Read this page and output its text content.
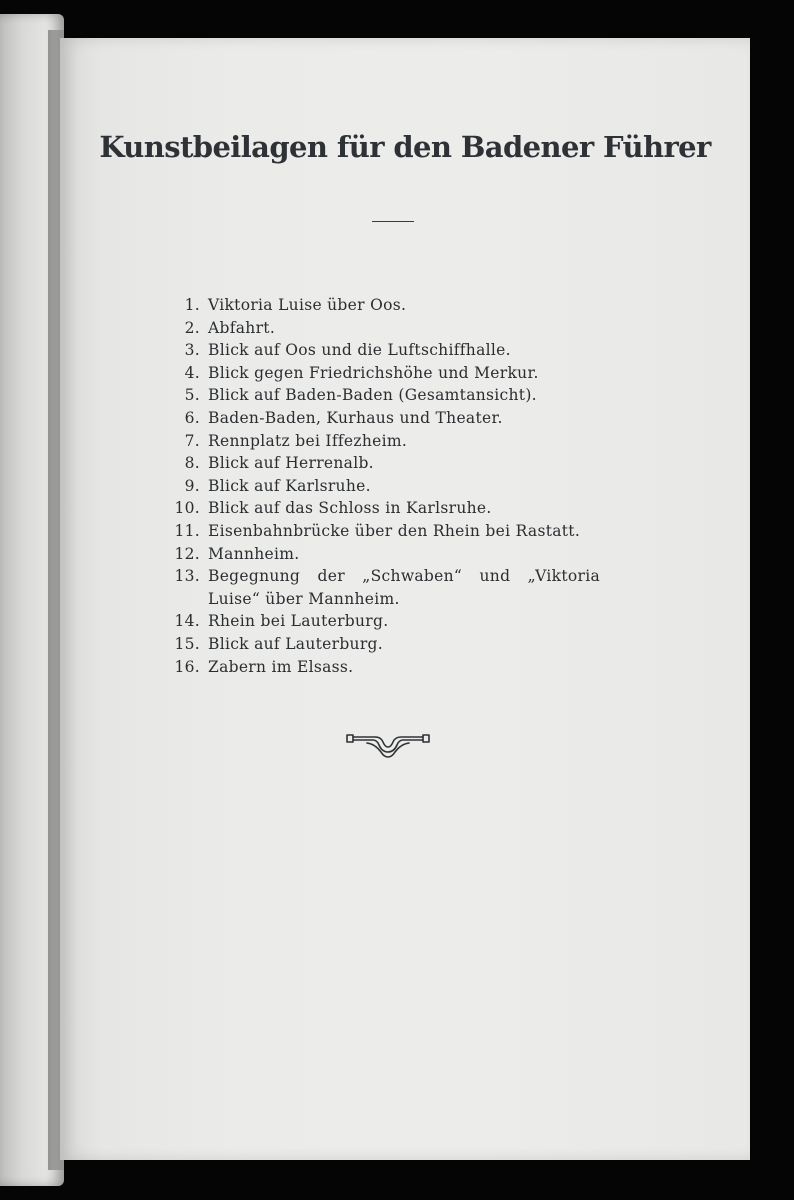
Kunstbeilagen für den Badener Führer
1. Viktoria Luise über Oos.
2. Abfahrt.
3. Blick auf Oos und die Luftschiffhalle.
4. Blick gegen Friedrichshöhe und Merkur.
5. Blick auf Baden-Baden (Gesamtansicht).
6. Baden-Baden, Kurhaus und Theater.
7. Rennplatz bei Iffezheim.
8. Blick auf Herrenalb.
9. Blick auf Karlsruhe.
10. Blick auf das Schloss in Karlsruhe.
11. Eisenbahnbrücke über den Rhein bei Rastatt.
12. Mannheim.
13. Begegnung der „Schwaben“ und „Viktoria Luise“ über Mannheim.
14. Rhein bei Lauterburg.
15. Blick auf Lauterburg.
16. Zabern im Elsass.
